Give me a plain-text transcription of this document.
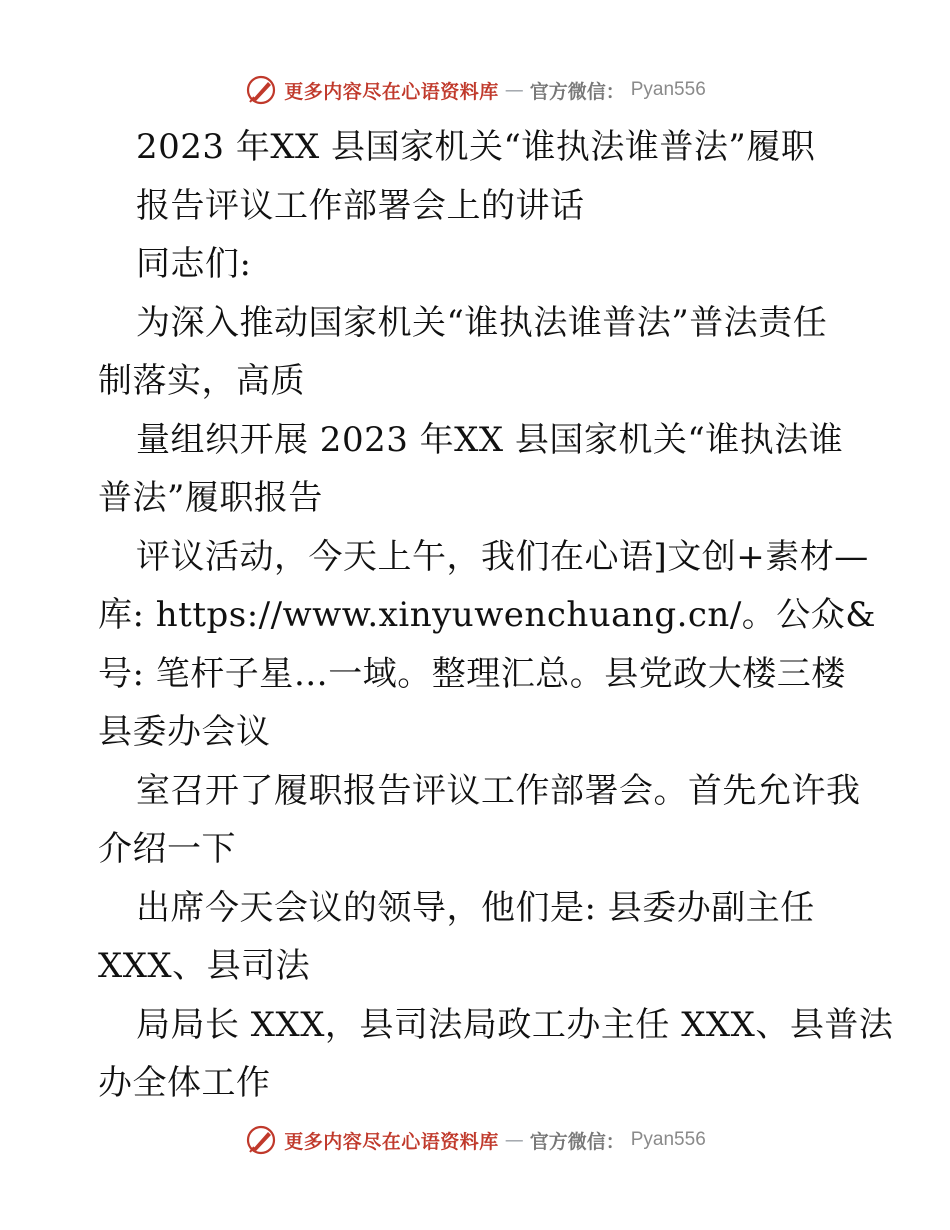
更多内容尽在心语资料库 — 官方微信： Pyan556
2023 年XX 县国家机关“谁执法谁普法”履职
报告评议工作部署会上的讲话
同志们:
为深入推动国家机关“谁执法谁普法”普法责任
制落实，高质
量组织开展 2023 年XX 县国家机关“谁执法谁
普法”履职报告
评议活动，今天上午，我们在心语]文创+素材—
库: https://www.xinyuwenchuang.cn/。公众&
号: 笔杆子星…一域。整理汇总。县党政大楼三楼
县委办会议
室召开了履职报告评议工作部署会。首先允许我
介绍一下
出席今天会议的领导，他们是: 县委办副主任
XXX、县司法
局局长 XXX，县司法局政工办主任 XXX、县普法
办全体工作
更多内容尽在心语资料库 — 官方微信： Pyan556
